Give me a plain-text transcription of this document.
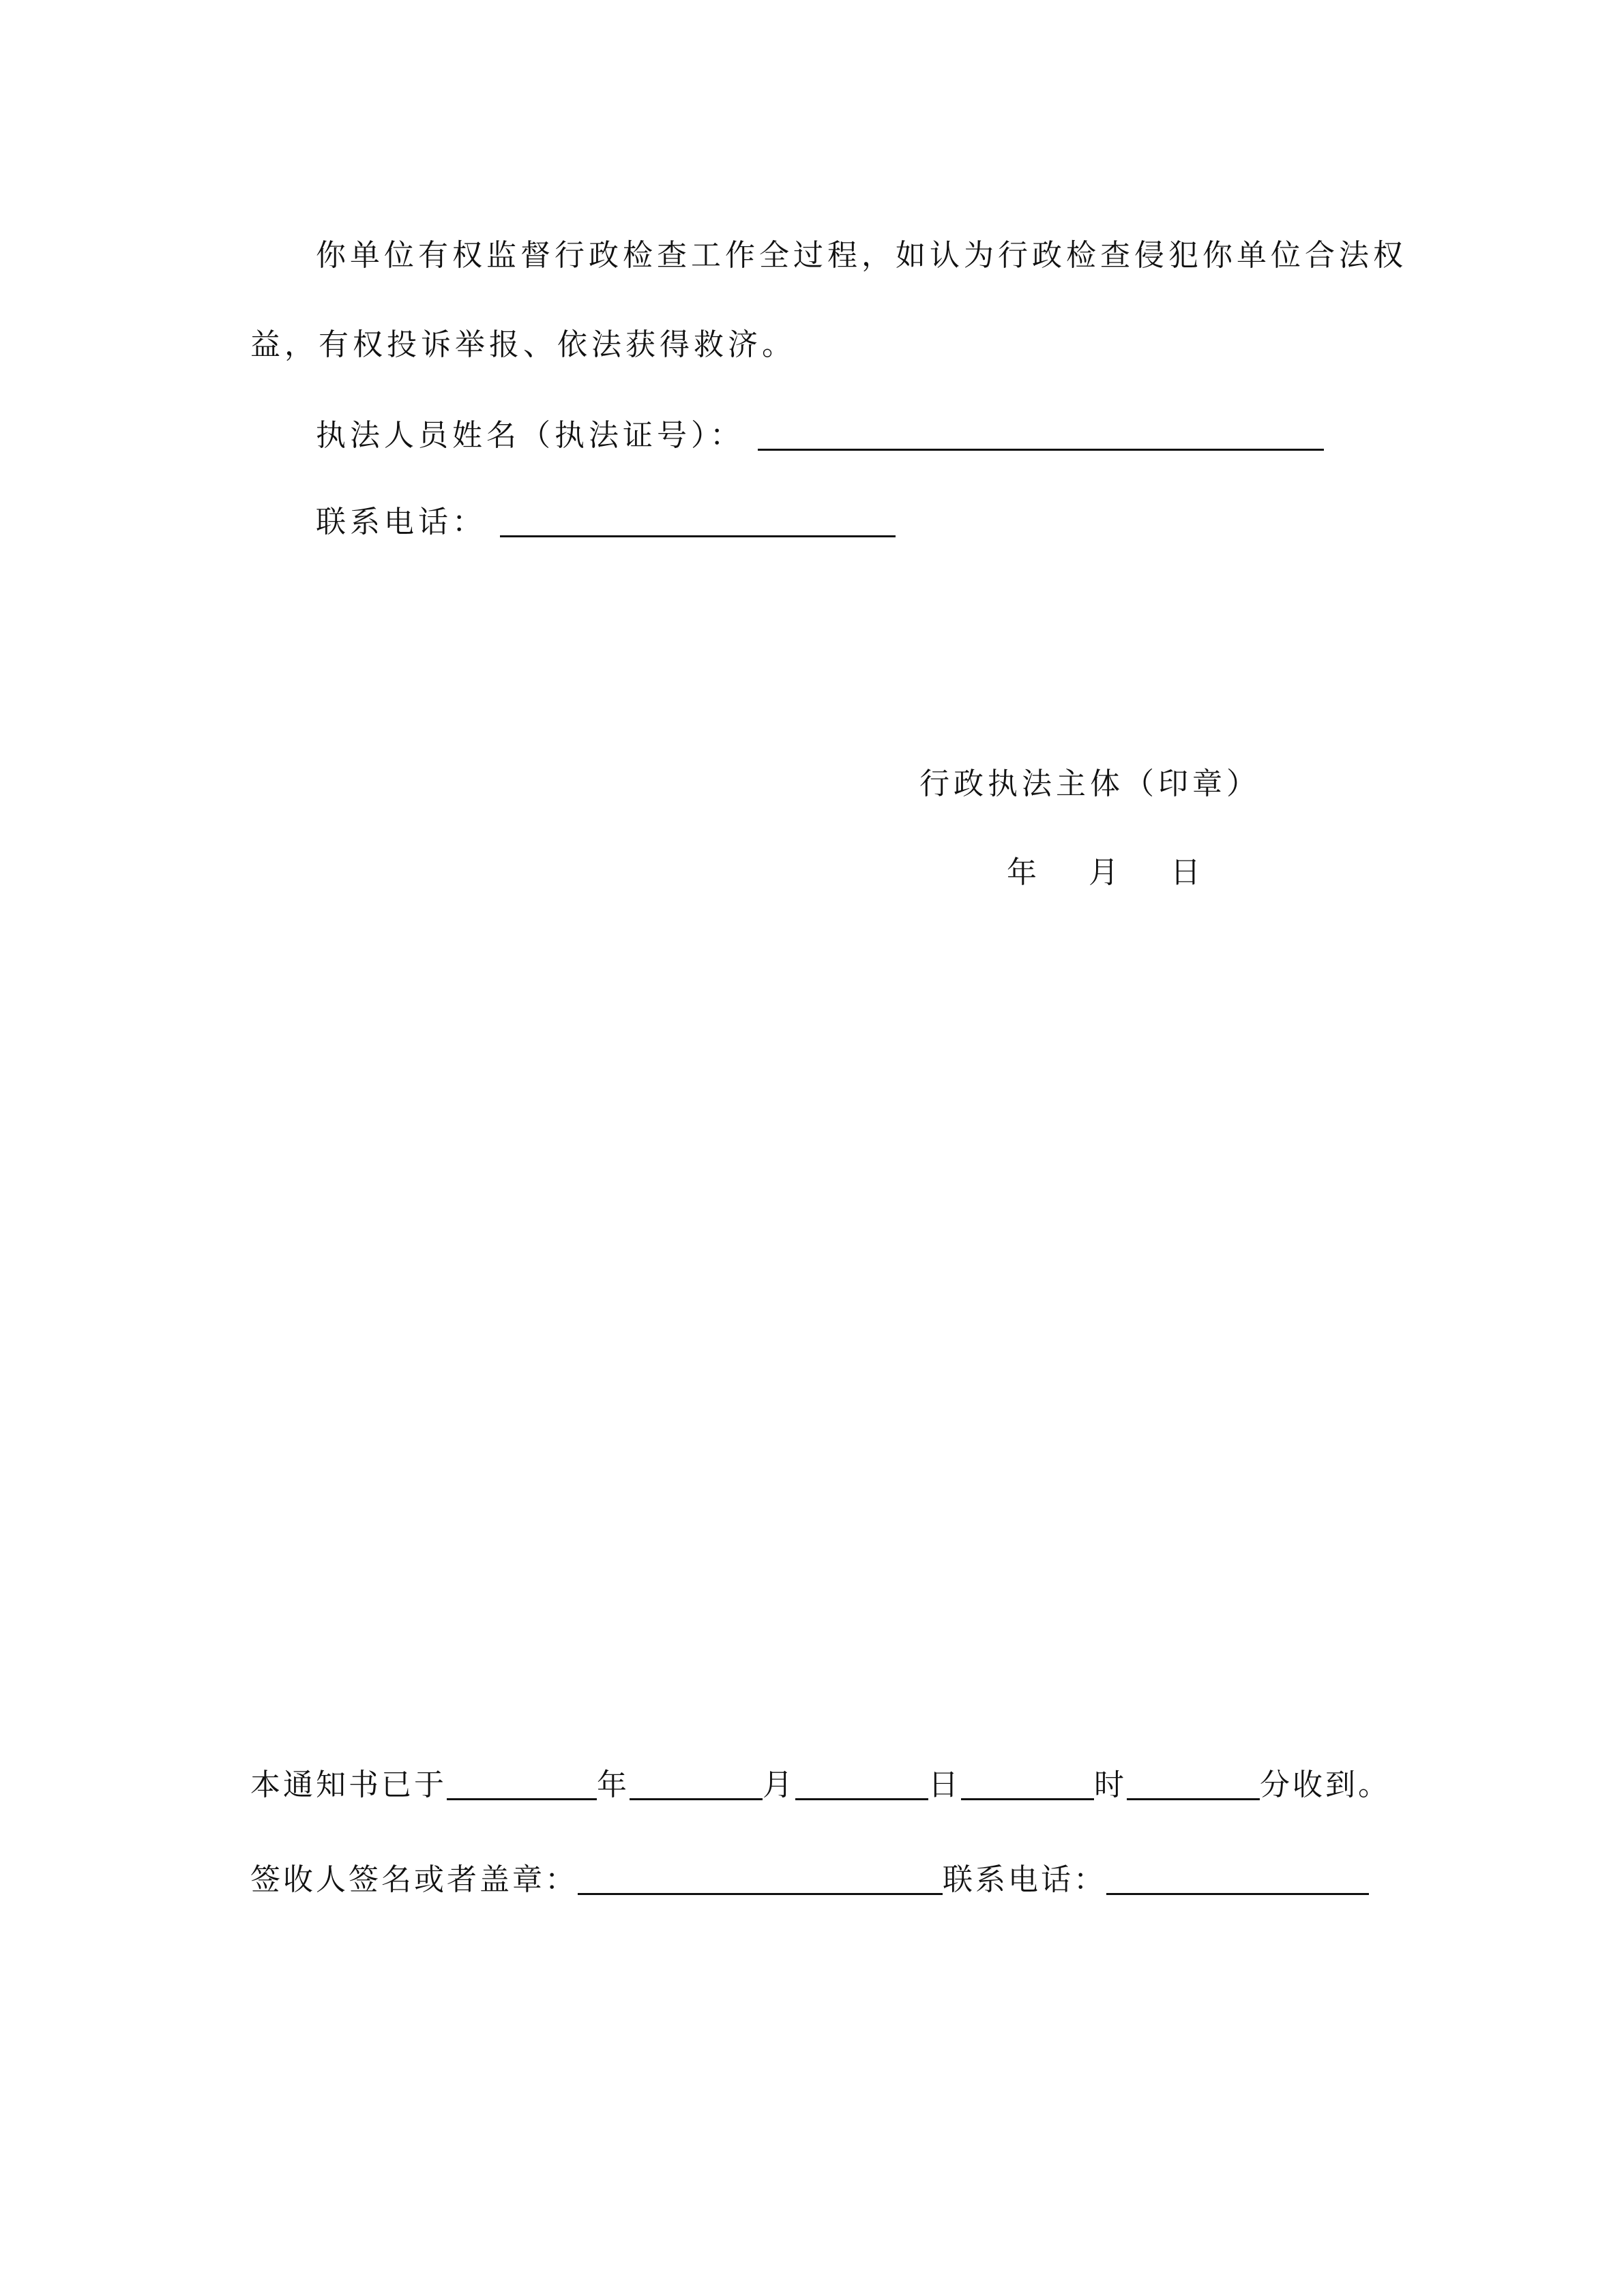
你单位有权监督行政检查工作全过程，如认为行政检查侵犯你单位合法权
益，有权投诉举报、依法获得救济。
执法人员姓名（执法证号）：
联系电话：
行政执法主体（印章）
年 月 日
本通知书已于	年	月	日	时	分收到。
签收人签名或者盖章：	联系电话：
